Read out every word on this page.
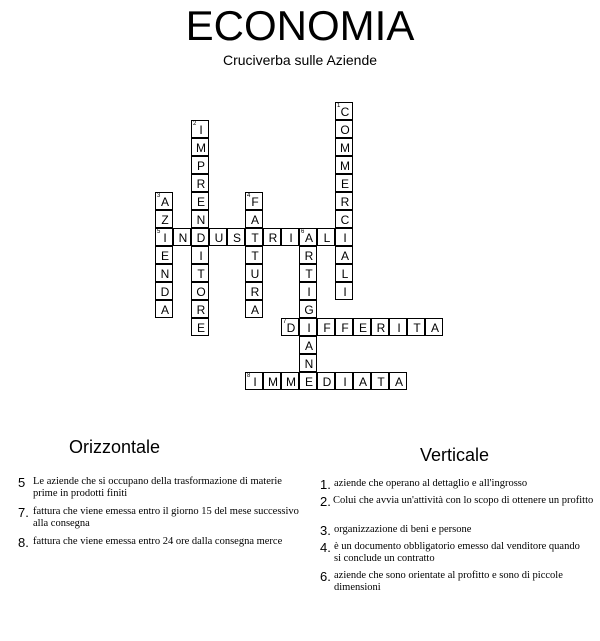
ECONOMIA
Cruciverba sulle Aziende
1 C
O
M
M
E
R
C
I
A
L
I
2 I
M
P
R
E
N
D
I
T
O
R
E
3 A
Z
5 I
E
N
D
A
4 F
A
T
T
U
R
A
N	U S	R	I	6 A L
R
T
I
G
I
A
N
E
7 D	F F E R	I	T A
8 I M M	D	I	A T A
Orizzontale	Verticale
5 Le aziende che si occupano della trasformazione di materie prime in prodotti finiti
7. fattura che viene emessa entro il giorno 15 del mese successivo alla consegna
8. fattura che viene emessa entro 24 ore dalla consegna merce
1. aziende che operano al dettaglio e all'ingrosso
2. Colui che avvia un'attività con lo scopo di ottenere un profitto
3. organizzazione di beni e persone
4. è un documento obbligatorio emesso dal venditore quando si conclude un contratto
6. aziende che sono orientate al profitto e sono di piccole dimensioni
